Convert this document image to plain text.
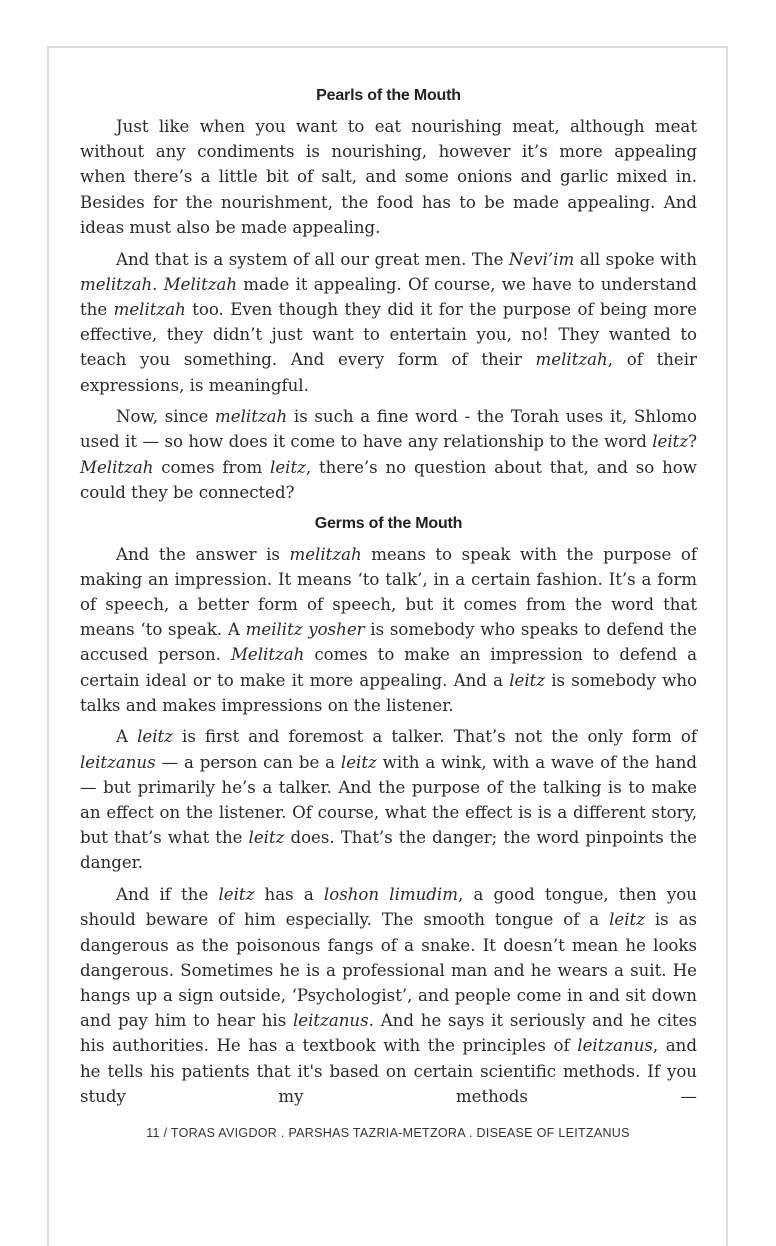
Pearls of the Mouth

Just like when you want to eat nourishing meat, although meat without any condiments is nourishing, however it’s more appealing when there’s a little bit of salt, and some onions and garlic mixed in. Besides for the nourishment, the food has to be made appealing. And ideas must also be made appealing.

And that is a system of all our great men. The Nevi’im all spoke with melitzah. Melitzah made it appealing. Of course, we have to understand the melitzah too. Even though they did it for the purpose of being more effective, they didn’t just want to entertain you, no! They wanted to teach you something. And every form of their melitzah, of their expressions, is meaningful.

Now, since melitzah is such a fine word - the Torah uses it, Shlomo used it — so how does it come to have any relationship to the word leitz? Melitzah comes from leitz, there’s no question about that, and so how could they be connected?

Germs of the Mouth

And the answer is melitzah means to speak with the purpose of making an impression. It means ‘to talk’, in a certain fashion. It’s a form of speech, a better form of speech, but it comes from the word that means ‘to speak. A meilitz yosher is somebody who speaks to defend the accused person. Melitzah comes to make an impression to defend a certain ideal or to make it more appealing. And a leitz is somebody who talks and makes impressions on the listener.

A leitz is first and foremost a talker. That’s not the only form of leitzanus — a person can be a leitz with a wink, with a wave of the hand — but primarily he’s a talker. And the purpose of the talking is to make an effect on the listener. Of course, what the effect is is a different story, but that’s what the leitz does. That’s the danger; the word pinpoints the danger.

And if the leitz has a loshon limudim, a good tongue, then you should beware of him especially. The smooth tongue of a leitz is as dangerous as the poisonous fangs of a snake. It doesn’t mean he looks dangerous. Sometimes he is a professional man and he wears a suit. He hangs up a sign outside, ‘Psychologist’, and people come in and sit down and pay him to hear his leitzanus. And he says it seriously and he cites his authorities. He has a textbook with the principles of leitzanus, and he tells his patients that it's based on certain scientific methods. If you study my methods —

11 / TORAS AVIGDOR . PARSHAS TAZRIA-METZORA . DISEASE OF LEITZANUS
